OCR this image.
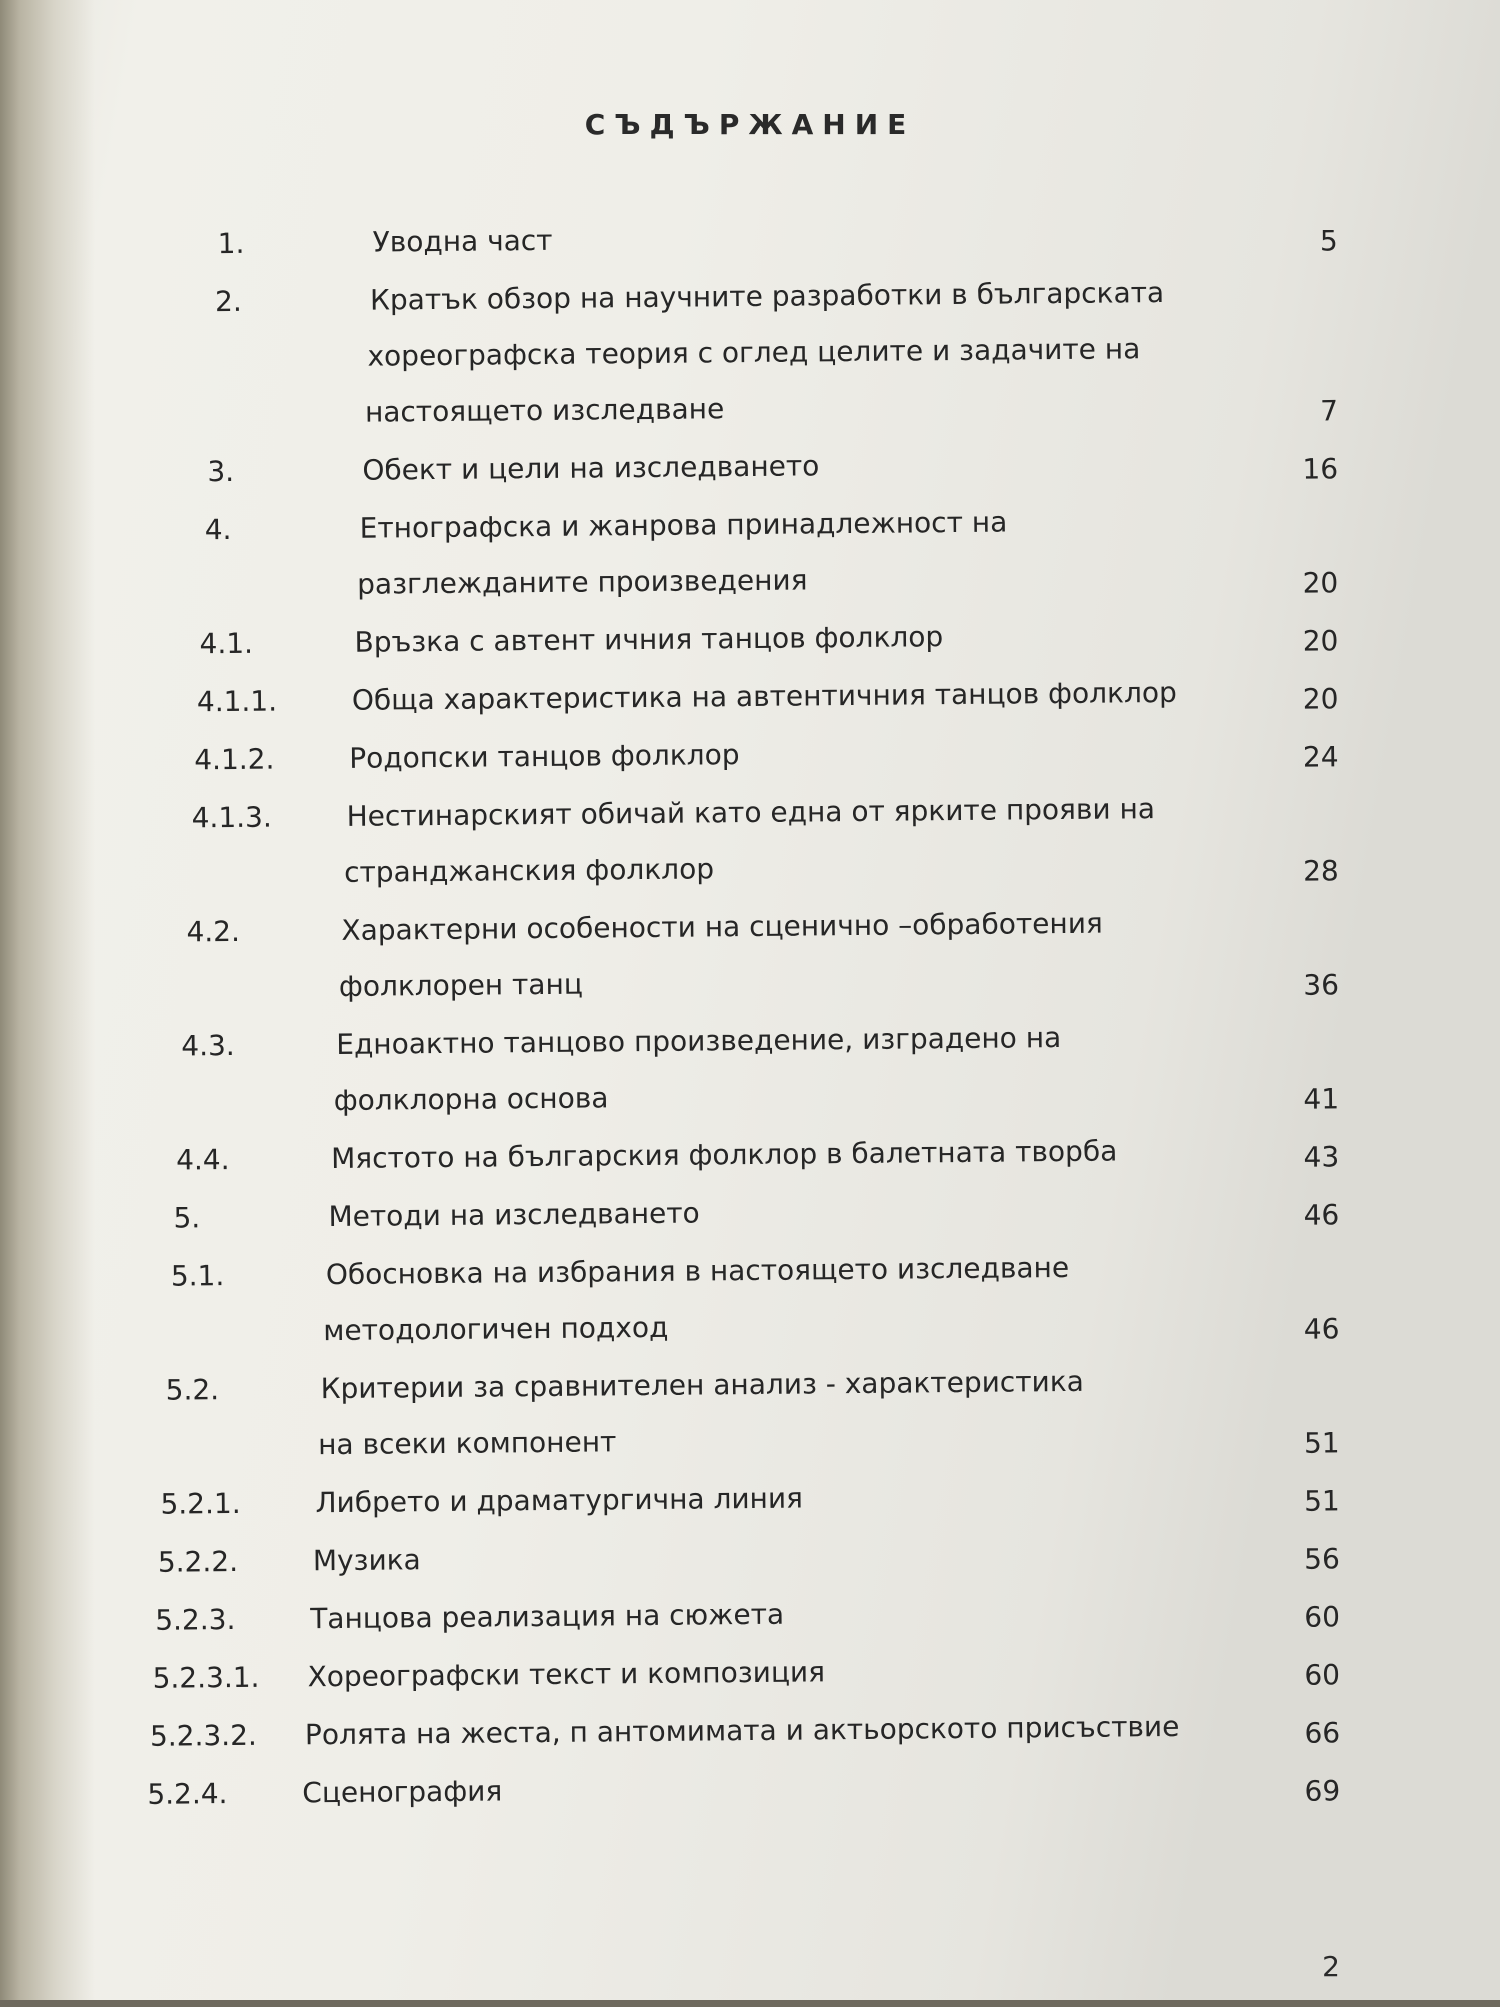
СЪДЪРЖАНИЕ
1.	Уводна част	5
2.	Кратък обзор на научните разработки в българската
хореографска теория с оглед целите и задачите на
настоящето изследване	7
3.	Обект и цели на изследването	16
4.	Етнографска и жанрова принадлежност на
разглежданите произведения	20
4.1.	Връзка с автент ичния танцов фолклор	20
4.1.1.	Обща характеристика на автентичния танцов фолклор	20
4.1.2.	Родопски танцов фолклор	24
4.1.3.	Нестинарският обичай като една от ярките прояви на
странджанския фолклор	28
4.2.	Характерни особености на сценично –обработения
фолклорен танц	36
4.3.	Едноактно танцово произведение, изградено на
фолклорна основа	41
4.4.	Мястото на българския фолклор в балетната творба	43
5.	Методи на изследването	46
5.1.	Обосновка на избрания в настоящето изследване
методологичен подход	46
5.2.	Критерии за сравнителен анализ - характеристика
на всеки компонент	51
5.2.1.	Либрето и драматургична линия	51
5.2.2.	Музика	56
5.2.3.	Танцова реализация на сюжета	60
5.2.3.1. Хореографски текст и композиция	60
5.2.3.2. Ролята на жеста, п антомимата и актьорското присъствие	66
5.2.4.	Сценография	69
2
